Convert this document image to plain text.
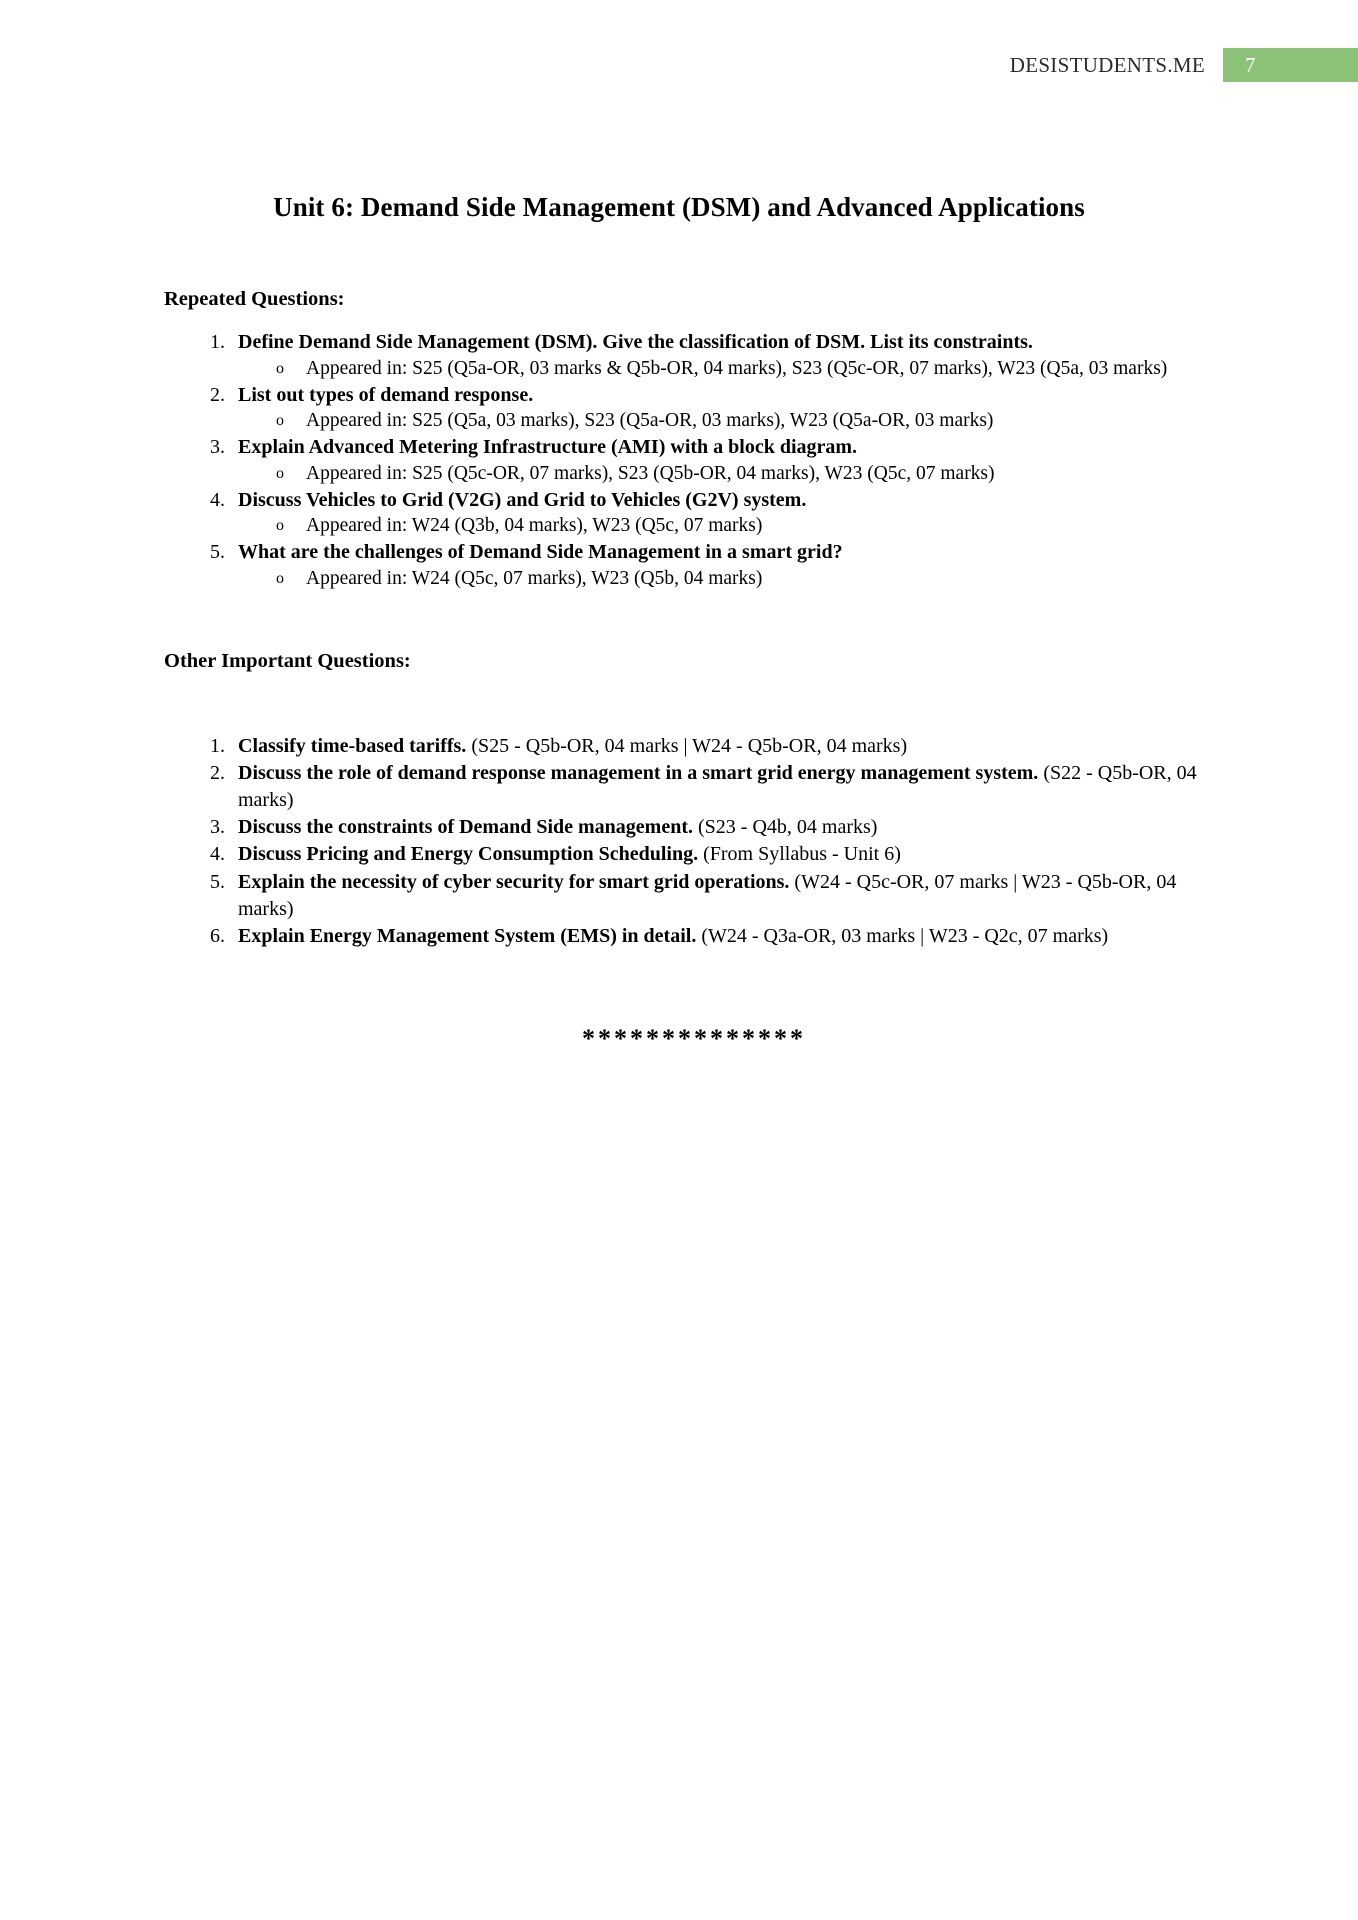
DESISTUDENTS.ME	7
Unit 6: Demand Side Management (DSM) and Advanced Applications
Repeated Questions:
1. Define Demand Side Management (DSM). Give the classification of DSM. List its constraints.
o Appeared in: S25 (Q5a-OR, 03 marks & Q5b-OR, 04 marks), S23 (Q5c-OR, 07 marks), W23 (Q5a, 03 marks)
2. List out types of demand response.
o Appeared in: S25 (Q5a, 03 marks), S23 (Q5a-OR, 03 marks), W23 (Q5a-OR, 03 marks)
3. Explain Advanced Metering Infrastructure (AMI) with a block diagram.
o Appeared in: S25 (Q5c-OR, 07 marks), S23 (Q5b-OR, 04 marks), W23 (Q5c, 07 marks)
4. Discuss Vehicles to Grid (V2G) and Grid to Vehicles (G2V) system.
o Appeared in: W24 (Q3b, 04 marks), W23 (Q5c, 07 marks)
5. What are the challenges of Demand Side Management in a smart grid?
o Appeared in: W24 (Q5c, 07 marks), W23 (Q5b, 04 marks)
Other Important Questions:
1. Classify time-based tariffs. (S25 - Q5b-OR, 04 marks | W24 - Q5b-OR, 04 marks)
2. Discuss the role of demand response management in a smart grid energy management system. (S22 - Q5b-OR, 04 marks)
3. Discuss the constraints of Demand Side management. (S23 - Q4b, 04 marks)
4. Discuss Pricing and Energy Consumption Scheduling. (From Syllabus - Unit 6)
5. Explain the necessity of cyber security for smart grid operations. (W24 - Q5c-OR, 07 marks | W23 - Q5b-OR, 04 marks)
6. Explain Energy Management System (EMS) in detail. (W24 - Q3a-OR, 03 marks | W23 - Q2c, 07 marks)
**************
